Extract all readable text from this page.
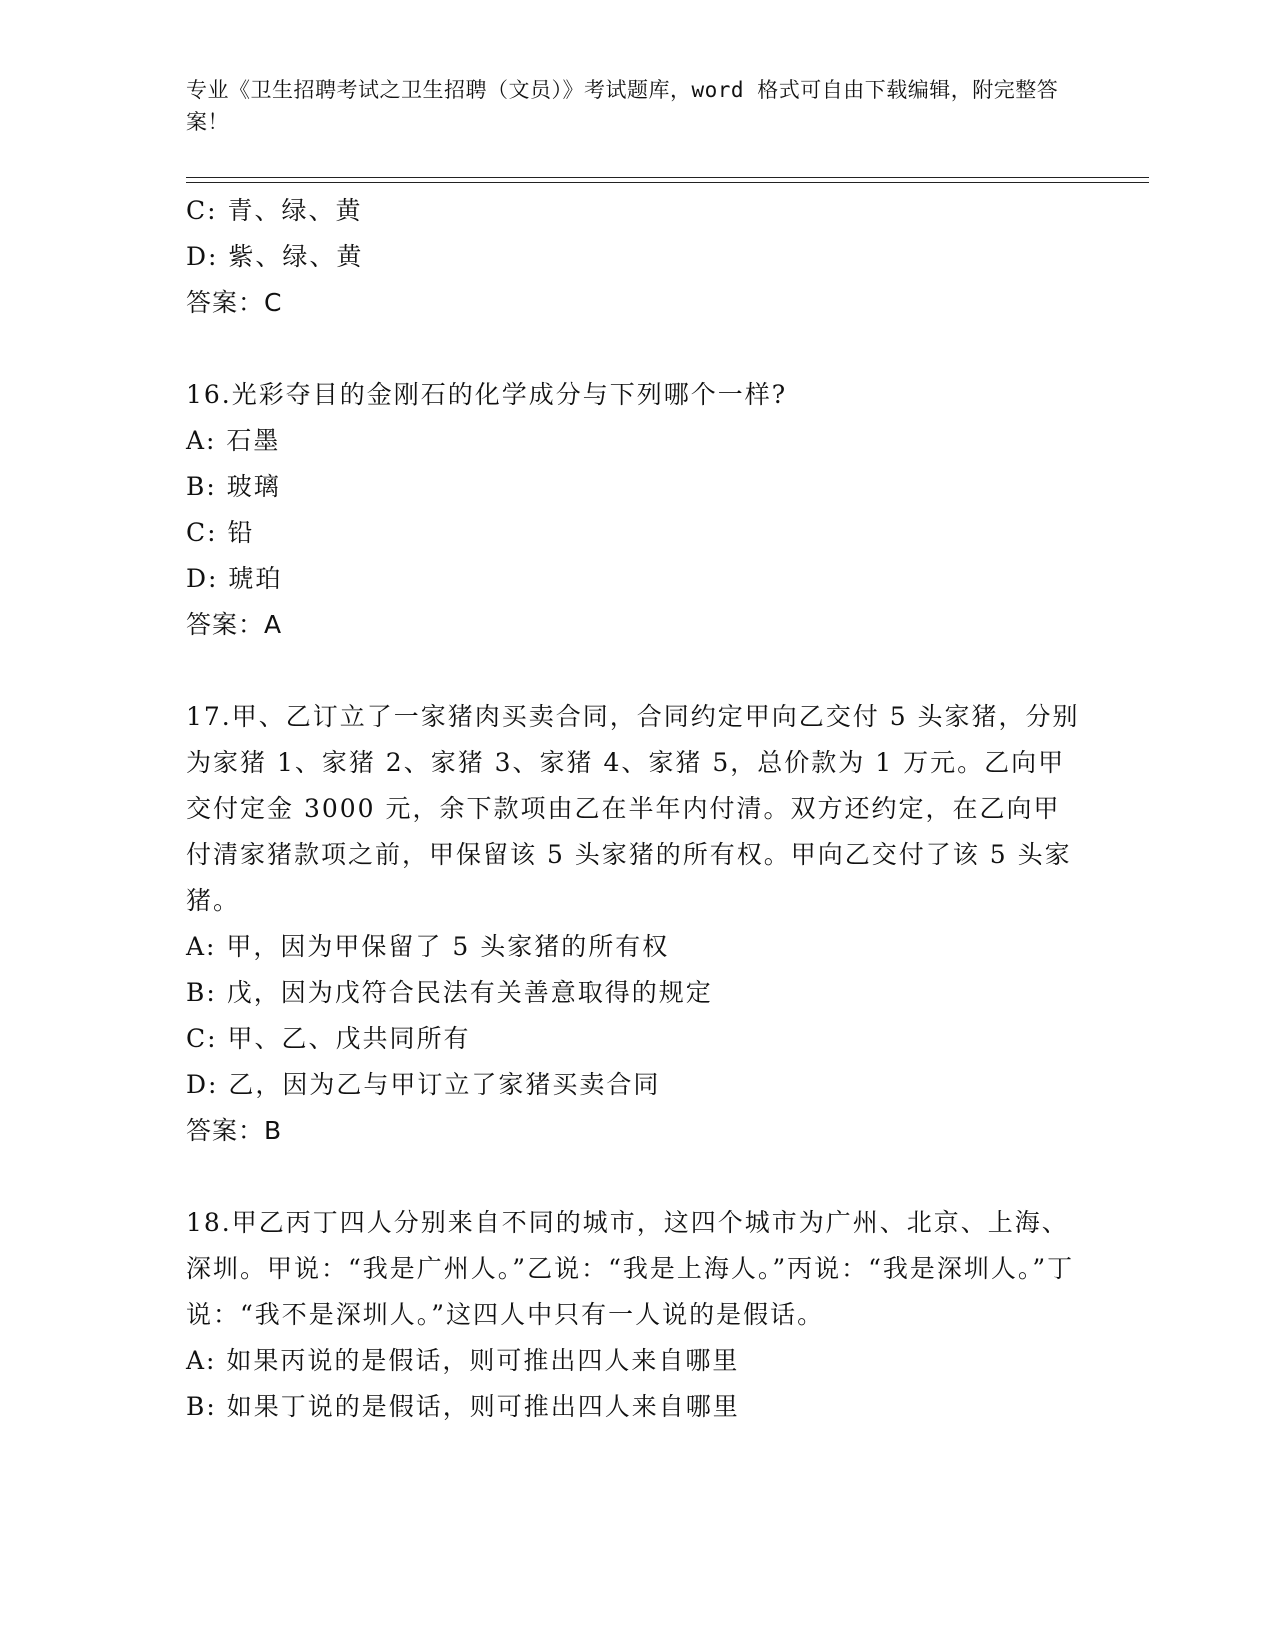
专业《卫生招聘考试之卫生招聘（文员）》考试题库，word 格式可自由下载编辑，附完整答案！
C: 青、绿、黄
D: 紫、绿、黄
答案：C
16.光彩夺目的金刚石的化学成分与下列哪个一样?
A: 石墨
B: 玻璃
C: 铅
D: 琥珀
答案：A
17.甲、乙订立了一家猪肉买卖合同，合同约定甲向乙交付 5 头家猪，分别为家猪 1、家猪 2、家猪 3、家猪 4、家猪 5，总价款为 1 万元。乙向甲交付定金 3000 元，余下款项由乙在半年内付清。双方还约定，在乙向甲付清家猪款项之前，甲保留该 5 头家猪的所有权。甲向乙交付了该 5 头家猪。
A: 甲，因为甲保留了 5 头家猪的所有权
B: 戊，因为戊符合民法有关善意取得的规定
C: 甲、乙、戊共同所有
D: 乙，因为乙与甲订立了家猪买卖合同
答案：B
18.甲乙丙丁四人分别来自不同的城市，这四个城市为广州、北京、上海、深圳。甲说：“我是广州人。”乙说：“我是上海人。”丙说：“我是深圳人。”丁说：“我不是深圳人。”这四人中只有一人说的是假话。
A: 如果丙说的是假话，则可推出四人来自哪里
B: 如果丁说的是假话，则可推出四人来自哪里
